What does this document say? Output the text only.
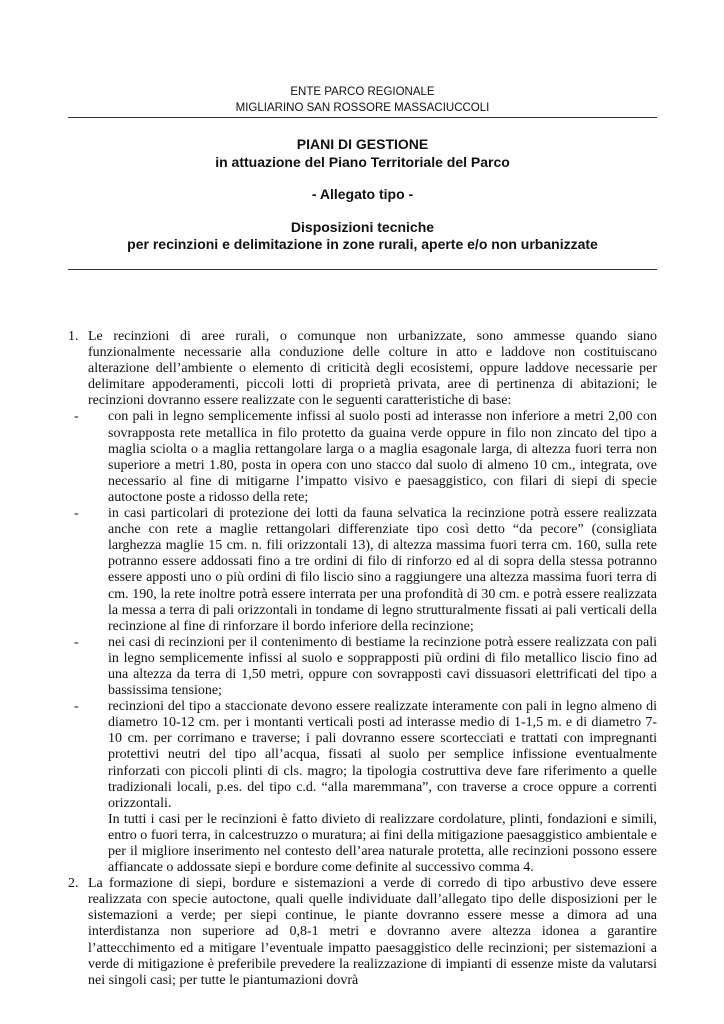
ENTE PARCO REGIONALE
MIGLIARINO SAN ROSSORE MASSACIUCCOLI
PIANI DI GESTIONE
in attuazione del Piano Territoriale del Parco
- Allegato tipo -
Disposizioni tecniche
per recinzioni e delimitazione in zone rurali, aperte e/o non urbanizzate
1. Le recinzioni di aree rurali, o comunque non urbanizzate, sono ammesse quando siano funzionalmente necessarie alla conduzione delle colture in atto e laddove non costituiscano alterazione dell’ambiente o elemento di criticità degli ecosistemi, oppure laddove necessarie per delimitare appoderamenti, piccoli lotti di proprietà privata, aree di pertinenza di abitazioni; le recinzioni dovranno essere realizzate con le seguenti caratteristiche di base:

-	con pali in legno semplicemente infissi al suolo posti ad interasse non inferiore a metri 2,00 con sovrapposta rete metallica in filo protetto da guaina verde oppure in filo non zincato del tipo a maglia sciolta o a maglia rettangolare larga o a maglia esagonale larga, di altezza fuori terra non superiore a metri 1.80, posta in opera con uno stacco dal suolo di almeno 10 cm., integrata, ove necessario al fine di mitigarne l’impatto visivo e paesaggistico, con filari di siepi di specie autoctone poste a ridosso della rete;

-	in casi particolari di protezione dei lotti da fauna selvatica la recinzione potrà essere realizzata anche con rete a maglie rettangolari differenziate tipo così detto “da pecore” (consigliata larghezza maglie 15 cm. n. fili orizzontali 13), di altezza massima fuori terra cm. 160, sulla rete potranno essere addossati fino a tre ordini di filo di rinforzo ed al di sopra della stessa potranno essere apposti uno o più ordini di filo liscio sino a raggiungere una altezza massima fuori terra di cm. 190, la rete inoltre potrà essere interrata per una profondità di 30 cm. e potrà essere realizzata la messa a terra di pali orizzontali in tondame di legno strutturalmente fissati ai pali verticali della recinzione al fine di rinforzare il bordo inferiore della recinzione;

-	nei casi di recinzioni per il contenimento di bestiame la recinzione potrà essere realizzata con pali in legno semplicemente infissi al suolo e sopprapposti più ordini di filo metallico liscio fino ad una altezza da terra di 1,50 metri, oppure con sovrapposti cavi dissuasori elettrificati del tipo a bassissima tensione;

-	recinzioni del tipo a staccionate devono essere realizzate interamente con pali in legno almeno di diametro 10-12 cm. per i montanti verticali posti ad interasse medio di 1-1,5 m. e di diametro 7-10 cm. per corrimano e traverse; i pali dovranno essere scortecciati e trattati con impregnanti protettivi neutri del tipo all’acqua, fissati al suolo per semplice infissione eventualmente rinforzati con piccoli plinti di cls. magro; la tipologia costruttiva deve fare riferimento a quelle tradizionali locali, p.es. del tipo c.d. “alla maremmana”, con traverse a croce oppure a correnti orizzontali.

In tutti i casi per le recinzioni è fatto divieto di realizzare cordolature, plinti, fondazioni e simili, entro o fuori terra, in calcestruzzo o muratura; ai fini della mitigazione paesaggistico ambientale e per il migliore inserimento nel contesto dell’area naturale protetta, alle recinzioni possono essere affiancate o addossate siepi e bordure come definite al successivo comma 4.

2. La formazione di siepi, bordure e sistemazioni a verde di corredo di tipo arbustivo deve essere realizzata con specie autoctone, quali quelle individuate dall’allegato tipo delle disposizioni per le sistemazioni a verde; per siepi continue, le piante dovranno essere messe a dimora ad una interdistanza non superiore ad 0,8-1 metri e dovranno avere altezza idonea a garantire l’attecchimento ed a mitigare l’eventuale impatto paesaggistico delle recinzioni; per sistemazioni a verde di mitigazione è preferibile prevedere la realizzazione di impianti di essenze miste da valutarsi nei singoli casi; per tutte le piantumazioni dovrà
